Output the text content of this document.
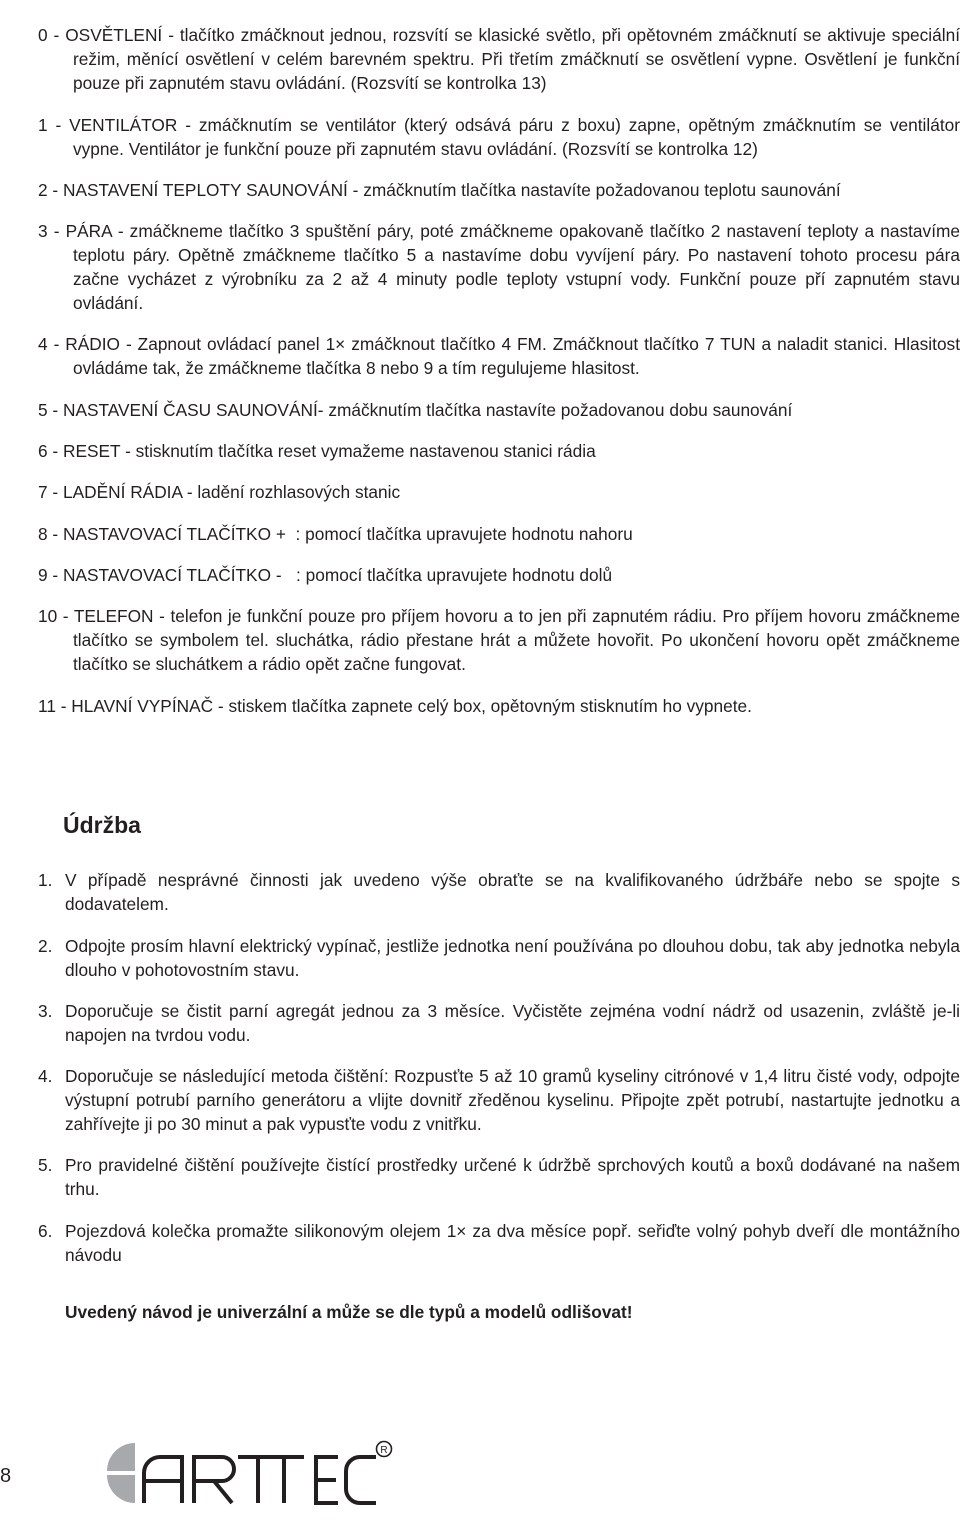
0 - OSVĚTLENÍ - tlačítko zmáčknout jednou, rozsvítí se klasické světlo, při opětovném zmáčknutí se aktivuje speciální režim, měnící osvětlení v celém barevném spektru. Při třetím zmáčknutí se osvětlení vypne. Osvětlení je funkční pouze při zapnutém stavu ovládání. (Rozsvítí se kontrolka 13)

1 - VENTILÁTOR - zmáčknutím se ventilátor (který odsává páru z boxu) zapne, opětným zmáčknutím se ventilátor vypne. Ventilátor je funkční pouze při zapnutém stavu ovládání. (Rozsvítí se kontrolka 12)

2 - NASTAVENÍ TEPLOTY SAUNOVÁNÍ - zmáčknutím tlačítka nastavíte požadovanou teplotu saunování

3 - PÁRA - zmáčkneme tlačítko 3 spuštění páry, poté zmáčkneme opakovaně tlačítko 2 nastavení teploty a nastavíme teplotu páry. Opětně zmáčkneme tlačítko 5 a nastavíme dobu vyvíjení páry. Po nastavení tohoto procesu pára začne vycházet z výrobníku za 2 až 4 minuty podle teploty vstupní vody. Funkční pouze pří zapnutém stavu ovládání.

4 - RÁDIO - Zapnout ovládací panel 1× zmáčknout tlačítko 4 FM. Zmáčknout tlačítko 7 TUN a naladit stanici. Hlasitost ovládáme tak, že zmáčkneme tlačítka 8 nebo 9 a tím regulujeme hlasitost.

5 - NASTAVENÍ ČASU SAUNOVÁNÍ- zmáčknutím tlačítka nastavíte požadovanou dobu saunování

6 - RESET - stisknutím tlačítka reset vymažeme nastavenou stanici rádia

7 - LADĚNÍ RÁDIA - ladění rozhlasových stanic

8 - NASTAVOVACÍ TLAČÍTKO +  : pomocí tlačítka upravujete hodnotu nahoru

9 - NASTAVOVACÍ TLAČÍTKO -   : pomocí tlačítka upravujete hodnotu dolů

10 - TELEFON - telefon je funkční pouze pro příjem hovoru a to jen při zapnutém rádiu. Pro příjem hovoru zmáčkneme tlačítko se symbolem tel. sluchátka, rádio přestane hrát a můžete hovořit. Po ukončení hovoru opět zmáčkneme tlačítko se sluchátkem a rádio opět začne fungovat.

11 - HLAVNÍ VYPÍNAČ - stiskem tlačítka zapnete celý box, opětovným stisknutím ho vypnete.

Údržba

1. V případě nesprávné činnosti jak uvedeno výše obraťte se na kvalifikovaného údržbáře nebo se spojte s dodavatelem.

2. Odpojte prosím hlavní elektrický vypínač, jestliže jednotka není používána po dlouhou dobu, tak aby jednotka nebyla dlouho v pohotovostním stavu.

3. Doporučuje se čistit parní agregát jednou za 3 měsíce. Vyčistěte zejména vodní nádrž od usazenin, zvláště je-li napojen na tvrdou vodu.

4. Doporučuje se následující metoda čištění: Rozpusťte 5 až 10 gramů kyseliny citrónové v 1,4 litru čisté vody, odpojte výstupní potrubí parního generátoru a vlijte dovnitř zředěnou kyselinu. Připojte zpět potrubí, nastartujte jednotku a zahřívejte ji po 30 minut a pak vypusťte vodu z vnitřku.

5. Pro pravidelné čištění používejte čistící prostředky určené k údržbě sprchových koutů a boxů dodávané na našem trhu.

6. Pojezdová kolečka promažte silikonovým olejem 1× za dva měsíce popř. seřiďte volný pohyb dveří dle montážního návodu

Uvedený návod je univerzální a může se dle typů a modelů odlišovat!

8
R
